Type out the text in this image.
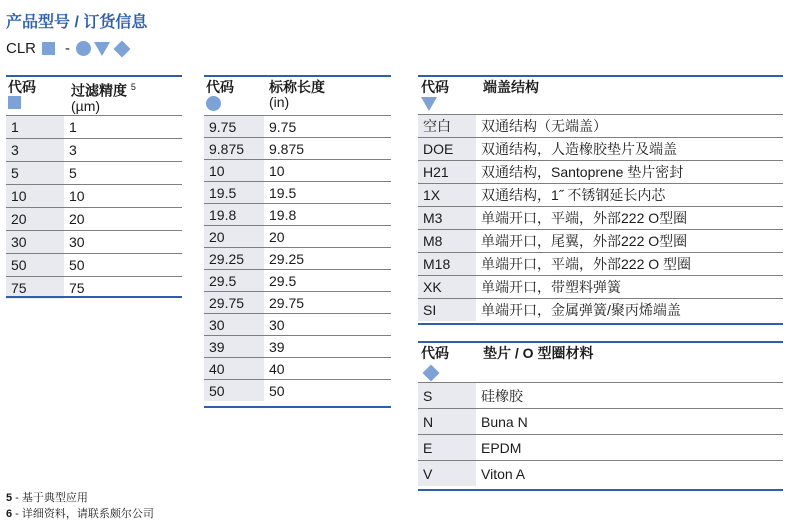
产品型号 / 订货信息
CLR -
代码	过滤精度 $^5$
(µm)
1	1
3	3
5	5
10	10
20	20
30	30
50	50
75	75
代码	标称长度
(in)
9.75	9.75
9.875	9.875
10	10
19.5	19.5
19.8	19.8
20	20
29.25	29.25
29.5	29.5
29.75	29.75
30	30
39	39
40	40
50	50
代码 端盖结构
空白	双通结构（无端盖）
DOE	双通结构，人造橡胶垫片及端盖
H21	双通结构，Santoprene 垫片密封
1X	双通结构，1˝ 不锈钢延长内芯
M3	单端开口，平端，外部222 O型圈
M8	单端开口，尾翼，外部222 O型圈
M18	单端开口，平端，外部222 O 型圈
XK	单端开口，带塑料弹簧
SI	单端开口，金属弹簧/聚丙烯端盖
代码 垫片 / O 型圈材料
S	硅橡胶
N	Buna N
E	EPDM
V	Viton A
5 - 基于典型应用
6 - 详细资料，请联系颇尔公司
